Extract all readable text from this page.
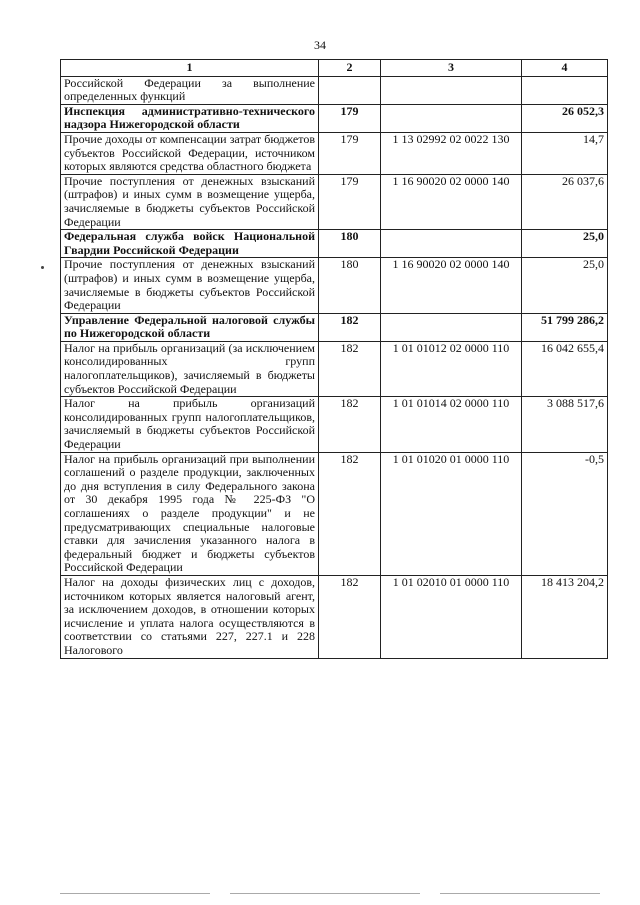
34
1	2	3	4
Российской Федерации за выполнение определенных функций			
Инспекция административно-технического надзора Нижегородской области	179		26 052,3
Прочие доходы от компенсации затрат бюджетов субъектов Российской Федерации, источником которых являются средства областного бюджета	179	1 13 02992 02 0022 130	14,7
Прочие поступления от денежных взысканий (штрафов) и иных сумм в возмещение ущерба, зачисляемые в бюджеты субъектов Российской Федерации	179	1 16 90020 02 0000 140	26 037,6
Федеральная служба войск Национальной Гвардии Российской Федерации	180		25,0
Прочие поступления от денежных взысканий (штрафов) и иных сумм в возмещение ущерба, зачисляемые в бюджеты субъектов Российской Федерации	180	1 16 90020 02 0000 140	25,0
Управление Федеральной налоговой службы по Нижегородской области	182		51 799 286,2
Налог на прибыль организаций (за исключением консолидированных групп налогоплательщиков), зачисляемый в бюджеты субъектов Российской Федерации	182	1 01 01012 02 0000 110	16 042 655,4
Налог на прибыль организаций консолидированных групп налогоплательщиков, зачисляемый в бюджеты субъектов Российской Федерации	182	1 01 01014 02 0000 110	3 088 517,6
Налог на прибыль организаций при выполнении соглашений о разделе продукции, заключенных до дня вступления в силу Федерального закона от 30 декабря 1995 года № 225-ФЗ "О соглашениях о разделе продукции" и не предусматривающих специальные налоговые ставки для зачисления указанного налога в федеральный бюджет и бюджеты субъектов Российской Федерации	182	1 01 01020 01 0000 110	-0,5
Налог на доходы физических лиц с доходов, источником которых является налоговый агент, за исключением доходов, в отношении которых исчисление и уплата налога осуществляются в соответствии со статьями 227, 227.1 и 228 Налогового	182	1 01 02010 01 0000 110	18 413 204,2
